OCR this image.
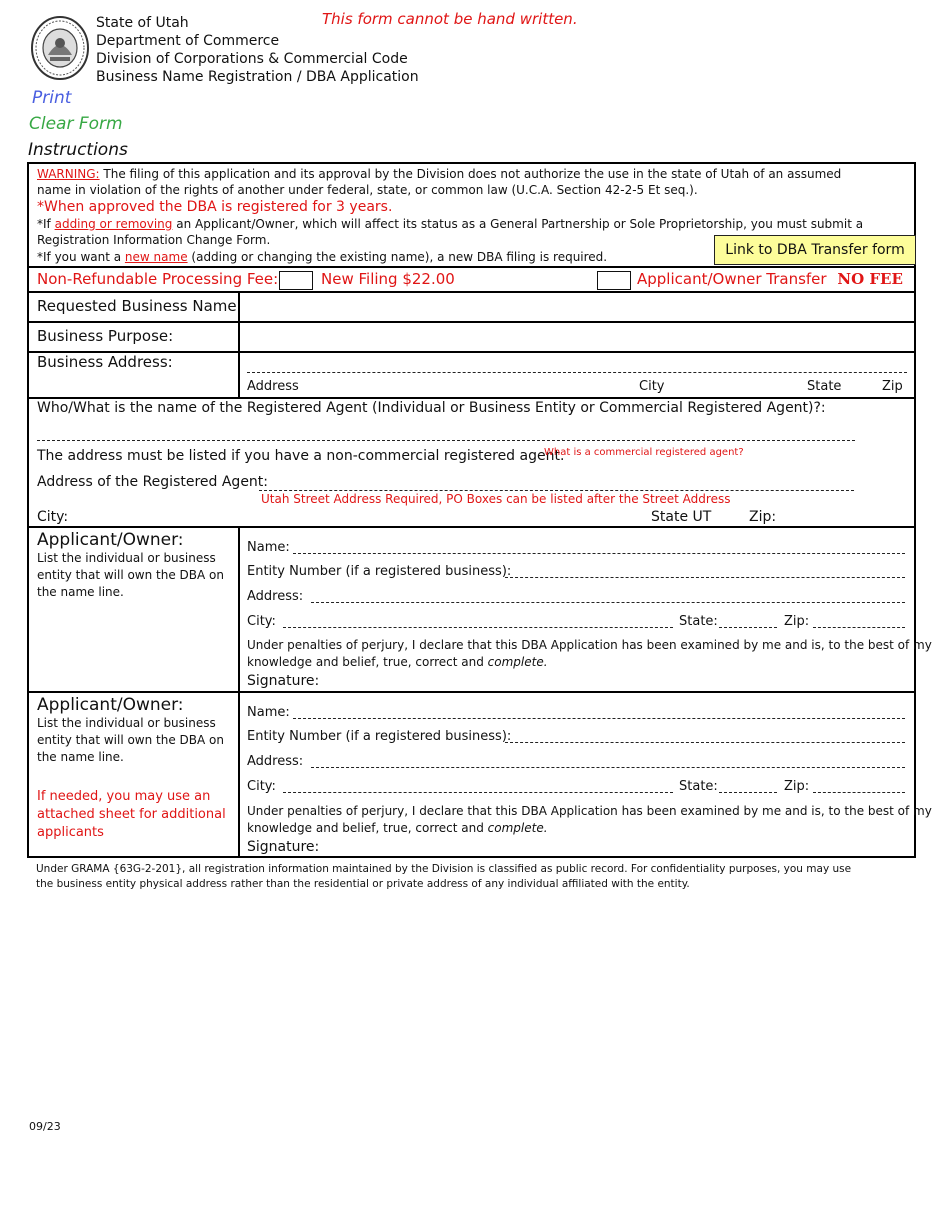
State of Utah
Department of Commerce
Division of Corporations & Commercial Code
Business Name Registration / DBA Application
This form cannot be hand written.
Print
Clear Form
Instructions
WARNING: The filing of this application and its approval by the Division does not authorize the use in the state of Utah of an assumed
name in violation of the rights of another under federal, state, or common law (U.C.A. Section 42-2-5 Et seq.).
*When approved the DBA is registered for 3 years.
*If adding or removing an Applicant/Owner, which will affect its status as a General Partnership or Sole Proprietorship, you must submit a
Registration Information Change Form.
*If you want a new name (adding or changing the existing name), a new DBA filing is required.	Link to DBA Transfer form
Non-Refundable Processing Fee:	New Filing $22.00	Applicant/Owner Transfer NO FEE
Requested Business Name:
Business Purpose:
Business Address:
Address	City	State	Zip
Who/What is the name of the Registered Agent (Individual or Business Entity or Commercial Registered Agent)?:
The address must be listed if you have a non-commercial registered agent.
What is a commercial registered agent?
Address of the Registered Agent:
Utah Street Address Required, PO Boxes can be listed after the Street Address
City:	State UT	Zip:
Applicant/Owner:
List the individual or business
entity that will own the DBA on
the name line.
Name:
Entity Number (if a registered business):
Address:
City:	State:	Zip:
Under penalties of perjury, I declare that this DBA Application has been examined by me and is, to the best of my
knowledge and belief, true, correct and complete.
Signature:
Applicant/Owner:
List the individual or business
entity that will own the DBA on
the name line.
If needed, you may use an
attached sheet for additional
applicants
Name:
Entity Number (if a registered business):
Address:
City:	State:	Zip:
Under penalties of perjury, I declare that this DBA Application has been examined by me and is, to the best of my
knowledge and belief, true, correct and complete.
Signature:
Under GRAMA {63G-2-201}, all registration information maintained by the Division is classified as public record. For confidentiality purposes, you may use
the business entity physical address rather than the residential or private address of any individual affiliated with the entity.
09/23
